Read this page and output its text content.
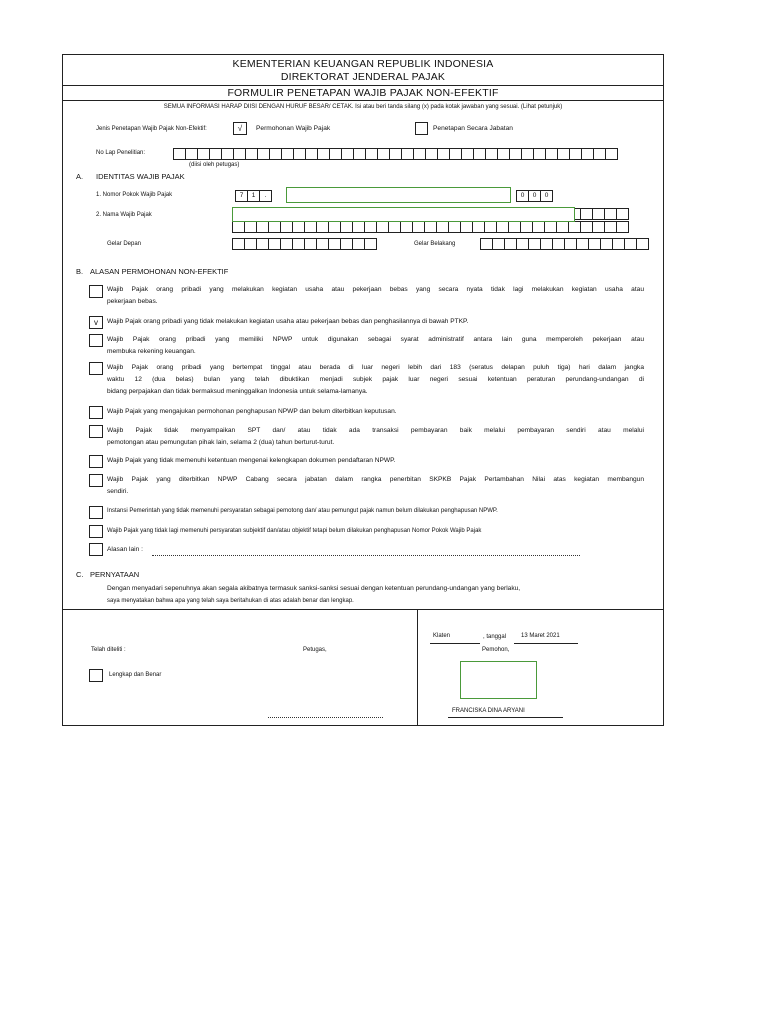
KEMENTERIAN KEUANGAN REPUBLIK INDONESIA
DIREKTORAT JENDERAL PAJAK
FORMULIR PENETAPAN WAJIB PAJAK NON-EFEKTIF
SEMUA INFORMASI HARAP DIISI DENGAN HURUF BESAR/ CETAK. Isi atau beri tanda silang (x) pada kotak jawaban yang sesuai. (Lihat petunjuk)
Jenis Penetapan Wajib Pajak Non-Efektif:	√	Permohonan Wajib Pajak	Penetapan Secara Jabatan
No Lap Penelitian:
(diisi oleh petugas)
A. IDENTITAS WAJIB PAJAK
1. Nomor Pokok Wajib Pajak	7	1	.	0	0	0
2. Nama Wajib Pajak
Gelar Depan	Gelar Belakang
B. ALASAN PERMOHONAN NON-EFEKTIF
Wajib Pajak orang pribadi yang melakukan kegiatan usaha atau pekerjaan bebas yang secara nyata tidak lagi melakukan kegiatan usaha atau
pekerjaan bebas.
v	Wajib Pajak orang pribadi yang tidak melakukan kegiatan usaha atau pekerjaan bebas dan penghasilannya di bawah PTKP.
Wajib Pajak orang pribadi yang memiliki NPWP untuk digunakan sebagai syarat administratif antara lain guna memperoleh pekerjaan atau
membuka rekening keuangan.
Wajib Pajak orang pribadi yang bertempat tinggal atau berada di luar negeri lebih dari 183 (seratus delapan puluh tiga) hari dalam jangka
waktu 12 (dua belas) bulan yang telah dibuktikan menjadi subjek pajak luar negeri sesuai ketentuan peraturan perundang-undangan di
bidang perpajakan dan tidak bermaksud meninggalkan Indonesia untuk selama-lamanya.
Wajib Pajak yang mengajukan permohonan penghapusan NPWP dan belum diterbitkan keputusan.
Wajib Pajak tidak menyampaikan SPT dan/ atau tidak ada transaksi pembayaran baik melalui pembayaran sendiri atau melalui
pemotongan atau pemungutan pihak lain, selama 2 (dua) tahun berturut-turut.
Wajib Pajak yang tidak memenuhi ketentuan mengenai kelengkapan dokumen pendaftaran NPWP.
Wajib Pajak yang diterbitkan NPWP Cabang secara jabatan dalam rangka penerbitan SKPKB Pajak Pertambahan Nilai atas kegiatan membangun
sendiri.
Instansi Pemerintah yang tidak memenuhi persyaratan sebagai pemotong dan/ atau pemungut pajak namun belum dilakukan penghapusan NPWP.
Wajib Pajak yang tidak lagi memenuhi persyaratan subjektif dan/atau objektif tetapi belum dilakukan penghapusan Nomor Pokok Wajib Pajak
Alasan lain :
C. PERNYATAAN
Dengan menyadari sepenuhnya akan segala akibatnya termasuk sanksi-sanksi sesuai dengan ketentuan perundang-undangan yang berlaku,
saya menyatakan bahwa apa yang telah saya beritahukan di atas adalah benar dan lengkap.
Telah diteliti :	Petugas,
Lengkap dan Benar
Klaten	, tanggal 13 Maret 2021
Pemohon,
FRANCISKA DINA ARYANI
